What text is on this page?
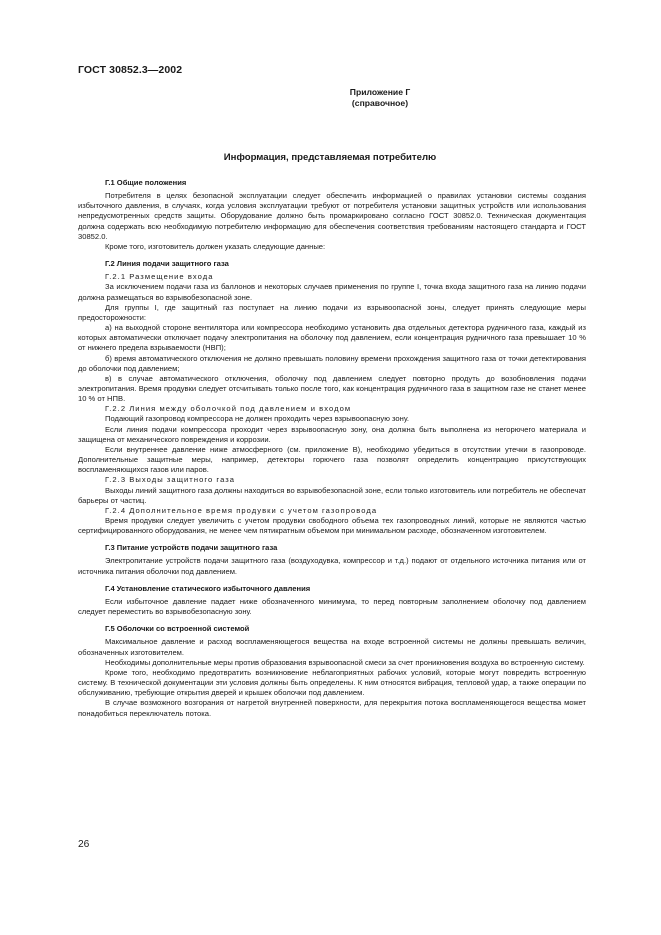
ГОСТ 30852.3—2002
Приложение Г
(справочное)
Информация, представляемая потребителю
Г.1 Общие положения

Потребителя в целях безопасной эксплуатации следует обеспечить информацией о правилах установки системы создания избыточного давления, в случаях, когда условия эксплуатации требуют от потребителя установки защитных устройств или использования непредусмотренных средств защиты. Оборудование должно быть промаркировано согласно ГОСТ 30852.0. Техническая документация должна содержать всю необходимую потребителю информацию для обеспечения соответствия требованиям настоящего стандарта и ГОСТ 30852.0.

Кроме того, изготовитель должен указать следующие данные:

Г.2 Линия подачи защитного газа
Г.2.1 Размещение входа

За исключением подачи газа из баллонов и некоторых случаев применения по группе I, точка входа защитного газа на линию подачи должна размещаться во взрывобезопасной зоне.

Для группы I, где защитный газ поступает на линию подачи из взрывоопасной зоны, следует принять следующие меры предосторожности:

а) на выходной стороне вентилятора или компрессора необходимо установить два отдельных детектора рудничного газа, каждый из которых автоматически отключает подачу электропитания на оболочку под давлением, если концентрация рудничного газа превышает 10 % от нижнего предела взрываемости (НВП);

б) время автоматического отключения не должно превышать половину времени прохождения защитного газа от точки детектирования до оболочки под давлением;

в) в случае автоматического отключения, оболочку под давлением следует повторно продуть до возобновления подачи электропитания. Время продувки следует отсчитывать только после того, как концентрация рудничного газа в защитном газе не станет менее 10 % от НПВ.

Г.2.2 Линия между оболочкой под давлением и входом

Подающий газопровод компрессора не должен проходить через взрывоопасную зону.

Если линия подачи компрессора проходит через взрывоопасную зону, она должна быть выполнена из негорючего материала и защищена от механического повреждения и коррозии.

Если внутреннее давление ниже атмосферного (см. приложение В), необходимо убедиться в отсутствии утечки в газопроводе. Дополнительные защитные меры, например, детекторы горючего газа позволят определить концентрацию присутствующих воспламеняющихся газов или паров.

Г.2.3 Выходы защитного газа

Выходы линий защитного газа должны находиться во взрывобезопасной зоне, если только изготовитель или потребитель не обеспечат барьеры от частиц.

Г.2.4 Дополнительное время продувки с учетом газопровода

Время продувки следует увеличить с учетом продувки свободного объема тех газопроводных линий, которые не являются частью сертифицированного оборудования, не менее чем пятикратным объемом при минимальном расходе, обозначенном изготовителем.

Г.3 Питание устройств подачи защитного газа

Электропитание устройств подачи защитного газа (воздуходувка, компрессор и т.д.) подают от отдельного источника питания или от источника питания оболочки под давлением.

Г.4 Установление статического избыточного давления

Если избыточное давление падает ниже обозначенного минимума, то перед повторным заполнением оболочку под давлением следует переместить во взрывобезопасную зону.

Г.5 Оболочки со встроенной системой

Максимальное давление и расход воспламеняющегося вещества на входе встроенной системы не должны превышать величин, обозначенных изготовителем.

Необходимы дополнительные меры против образования взрывоопасной смеси за счет проникновения воздуха во встроенную систему.

Кроме того, необходимо предотвратить возникновение неблагоприятных рабочих условий, которые могут повредить встроенную систему. В технической документации эти условия должны быть определены. К ним относятся вибрация, тепловой удар, а также операции по обслуживанию, требующие открытия дверей и крышек оболочки под давлением.

В случае возможного возгорания от нагретой внутренней поверхности, для перекрытия потока воспламеняющегося вещества может понадобиться переключатель потока.

26
